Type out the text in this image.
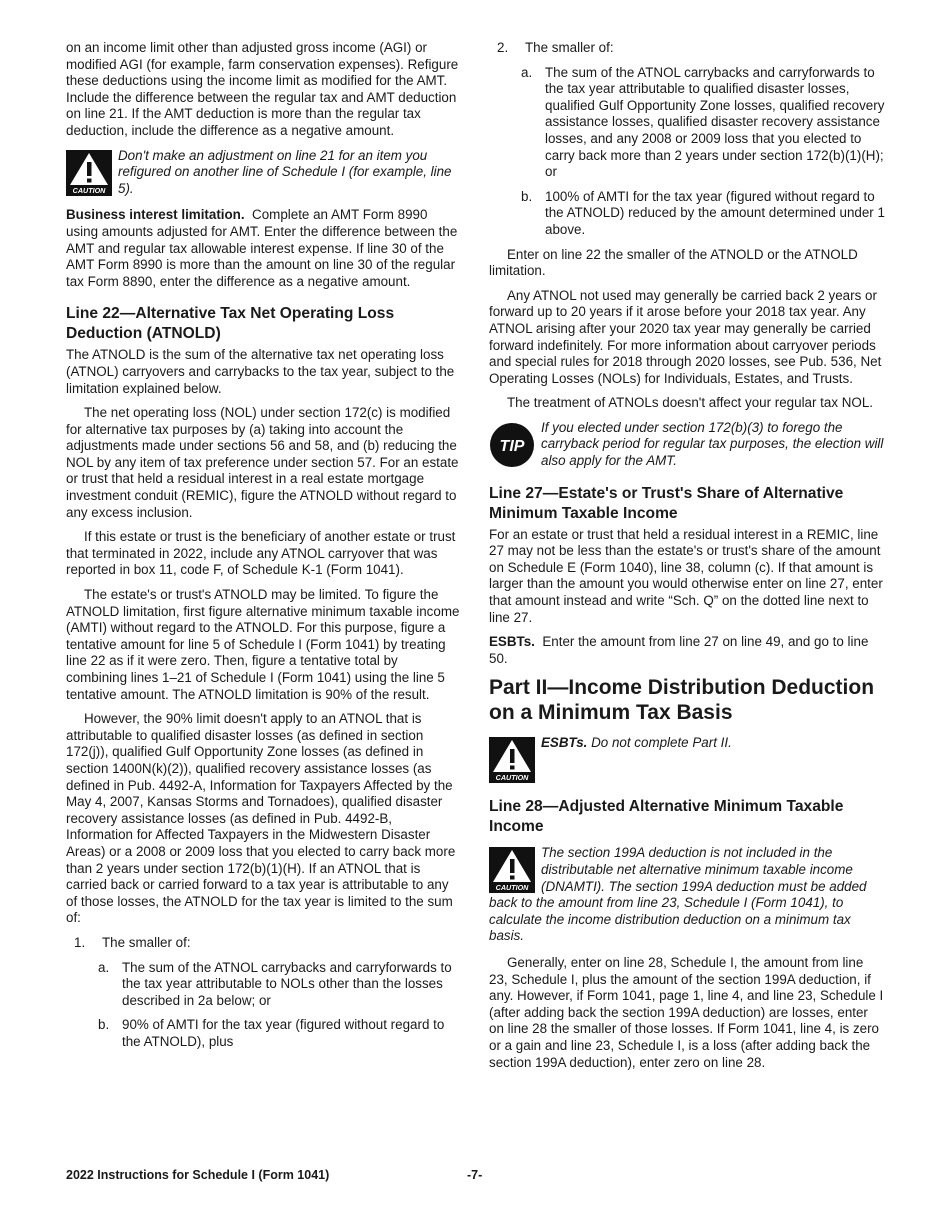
on an income limit other than adjusted gross income (AGI) or modified AGI (for example, farm conservation expenses). Refigure these deductions using the income limit as modified for the AMT. Include the difference between the regular tax and AMT deduction on line 21. If the AMT deduction is more than the regular tax deduction, include the difference as a negative amount.

CAUTION
Don't make an adjustment on line 21 for an item you refigured on another line of Schedule I (for example, line 5).

Business interest limitation. Complete an AMT Form 8990 using amounts adjusted for AMT. Enter the difference between the AMT and regular tax allowable interest expense. If line 30 of the AMT Form 8990 is more than the amount on line 30 of the regular tax Form 8890, enter the difference as a negative amount.

Line 22—Alternative Tax Net Operating Loss Deduction (ATNOLD)

The ATNOLD is the sum of the alternative tax net operating loss (ATNOL) carryovers and carrybacks to the tax year, subject to the limitation explained below.

The net operating loss (NOL) under section 172(c) is modified for alternative tax purposes by (a) taking into account the adjustments made under sections 56 and 58, and (b) reducing the NOL by any item of tax preference under section 57. For an estate or trust that held a residual interest in a real estate mortgage investment conduit (REMIC), figure the ATNOLD without regard to any excess inclusion.

If this estate or trust is the beneficiary of another estate or trust that terminated in 2022, include any ATNOL carryover that was reported in box 11, code F, of Schedule K-1 (Form 1041).

The estate's or trust's ATNOLD may be limited. To figure the ATNOLD limitation, first figure alternative minimum taxable income (AMTI) without regard to the ATNOLD. For this purpose, figure a tentative amount for line 5 of Schedule I (Form 1041) by treating line 22 as if it were zero. Then, figure a tentative total by combining lines 1–21 of Schedule I (Form 1041) using the line 5 tentative amount. The ATNOLD limitation is 90% of the result.

However, the 90% limit doesn't apply to an ATNOL that is attributable to qualified disaster losses (as defined in section 172(j)), qualified Gulf Opportunity Zone losses (as defined in section 1400N(k)(2)), qualified recovery assistance losses (as defined in Pub. 4492-A, Information for Taxpayers Affected by the May 4, 2007, Kansas Storms and Tornadoes), qualified disaster recovery assistance losses (as defined in Pub. 4492-B, Information for Affected Taxpayers in the Midwestern Disaster Areas) or a 2008 or 2009 loss that you elected to carry back more than 2 years under section 172(b)(1)(H). If an ATNOL that is carried back or carried forward to a tax year is attributable to any of those losses, the ATNOLD for the tax year is limited to the sum of:

1. The smaller of:
a. The sum of the ATNOL carrybacks and carryforwards to the tax year attributable to NOLs other than the losses described in 2a below; or
b. 90% of AMTI for the tax year (figured without regard to the ATNOLD), plus
2. The smaller of:
a. The sum of the ATNOL carrybacks and carryforwards to the tax year attributable to qualified disaster losses, qualified Gulf Opportunity Zone losses, qualified recovery assistance losses, qualified disaster recovery assistance losses, and any 2008 or 2009 loss that you elected to carry back more than 2 years under section 172(b)(1)(H); or
b. 100% of AMTI for the tax year (figured without regard to the ATNOLD) reduced by the amount determined under 1 above.

Enter on line 22 the smaller of the ATNOLD or the ATNOLD limitation.

Any ATNOL not used may generally be carried back 2 years or forward up to 20 years if it arose before your 2018 tax year. Any ATNOL arising after your 2020 tax year may generally be carried forward indefinitely. For more information about carryover periods and special rules for 2018 through 2020 losses, see Pub. 536, Net Operating Losses (NOLs) for Individuals, Estates, and Trusts.

The treatment of ATNOLs doesn't affect your regular tax NOL.

TIP
If you elected under section 172(b)(3) to forego the carryback period for regular tax purposes, the election will also apply for the AMT.
Line 27—Estate's or Trust's Share of Alternative Minimum Taxable Income

For an estate or trust that held a residual interest in a REMIC, line 27 may not be less than the estate's or trust's share of the amount on Schedule E (Form 1040), line 38, column (c). If that amount is larger than the amount you would otherwise enter on line 27, enter that amount instead and write “Sch. Q” on the dotted line next to line 27.

ESBTs. Enter the amount from line 27 on line 49, and go to line 50.

Part II—Income Distribution Deduction on a Minimum Tax Basis
CAUTION
ESBTs. Do not complete Part II.
Line 28—Adjusted Alternative Minimum Taxable Income
CAUTION
The section 199A deduction is not included in the distributable net alternative minimum taxable income (DNAMTI). The section 199A deduction must be added back to the amount from line 23, Schedule I (Form 1041), to calculate the income distribution deduction on a minimum tax basis.

Generally, enter on line 28, Schedule I, the amount from line 23, Schedule I, plus the amount of the section 199A deduction, if any. However, if Form 1041, page 1, line 4, and line 23, Schedule I (after adding back the section 199A deduction) are losses, enter on line 28 the smaller of those losses. If Form 1041, line 4, is zero or a gain and line 23, Schedule I, is a loss (after adding back the section 199A deduction), enter zero on line 28.

2022 Instructions for Schedule I (Form 1041)	-7-
